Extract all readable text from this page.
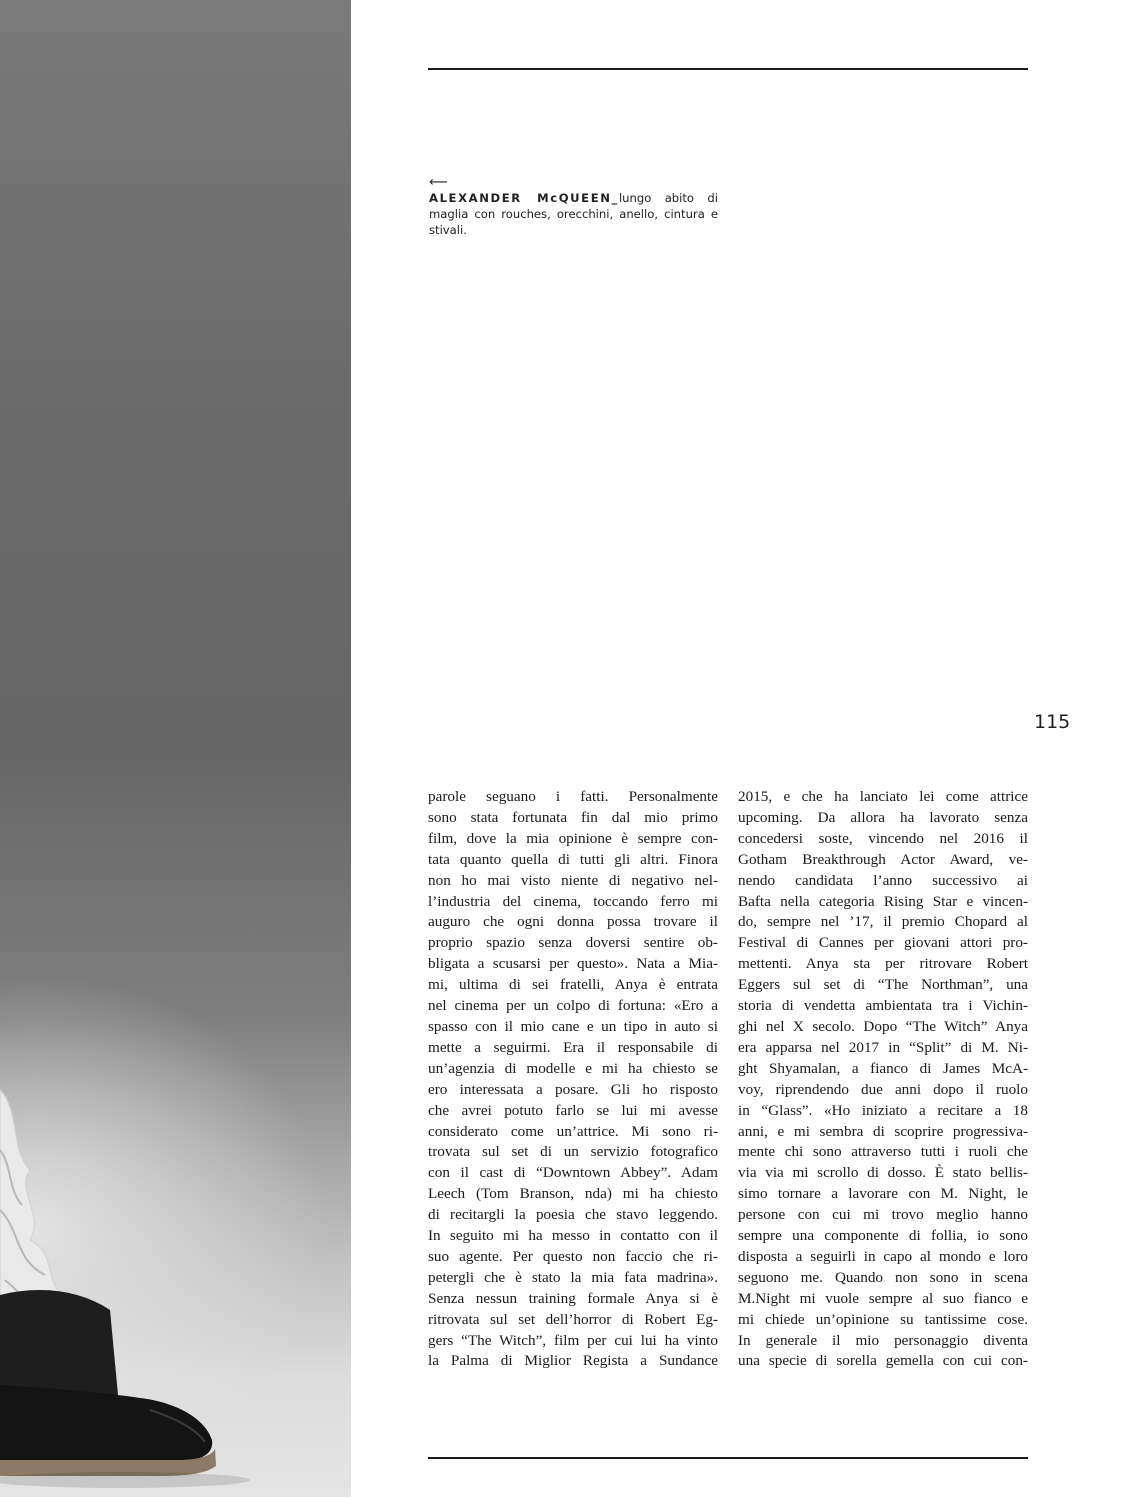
⟵
ALEXANDER McQUEEN_lungo abito di maglia con rouches, orecchini, anello, cintura e stivali.
115
parole seguano i fatti. Personalmente
sono stata fortunata fin dal mio primo
film, dove la mia opinione è sempre con-
tata quanto quella di tutti gli altri. Finora
non ho mai visto niente di negativo nel-
l’industria del cinema, toccando ferro mi
auguro che ogni donna possa trovare il
proprio spazio senza doversi sentire ob-
bligata a scusarsi per questo». Nata a Mia-
mi, ultima di sei fratelli, Anya è entrata
nel cinema per un colpo di fortuna: «Ero a
spasso con il mio cane e un tipo in auto si
mette a seguirmi. Era il responsabile di
un’agenzia di modelle e mi ha chiesto se
ero interessata a posare. Gli ho risposto
che avrei potuto farlo se lui mi avesse
considerato come un’attrice. Mi sono ri-
trovata sul set di un servizio fotografico
con il cast di “Downtown Abbey”. Adam
Leech (Tom Branson, nda) mi ha chiesto
di recitargli la poesia che stavo leggendo.
In seguito mi ha messo in contatto con il
suo agente. Per questo non faccio che ri-
petergli che è stato la mia fata madrina».
Senza nessun training formale Anya si è
ritrovata sul set dell’horror di Robert Eg-
gers “The Witch”, film per cui lui ha vinto
la Palma di Miglior Regista a Sundance
2015, e che ha lanciato lei come attrice
upcoming. Da allora ha lavorato senza
concedersi soste, vincendo nel 2016 il
Gotham Breakthrough Actor Award, ve-
nendo candidata l’anno successivo ai
Bafta nella categoria Rising Star e vincen-
do, sempre nel ’17, il premio Chopard al
Festival di Cannes per giovani attori pro-
mettenti. Anya sta per ritrovare Robert
Eggers sul set di “The Northman”, una
storia di vendetta ambientata tra i Vichin-
ghi nel X secolo. Dopo “The Witch” Anya
era apparsa nel 2017 in “Split” di M. Ni-
ght Shyamalan, a fianco di James McA-
voy, riprendendo due anni dopo il ruolo
in “Glass”. «Ho iniziato a recitare a 18
anni, e mi sembra di scoprire progressiva-
mente chi sono attraverso tutti i ruoli che
via via mi scrollo di dosso. È stato bellis-
simo tornare a lavorare con M. Night, le
persone con cui mi trovo meglio hanno
sempre una componente di follia, io sono
disposta a seguirli in capo al mondo e loro
seguono me. Quando non sono in scena
M.Night mi vuole sempre al suo fianco e
mi chiede un’opinione su tantissime cose.
In generale il mio personaggio diventa
una specie di sorella gemella con cui con-
